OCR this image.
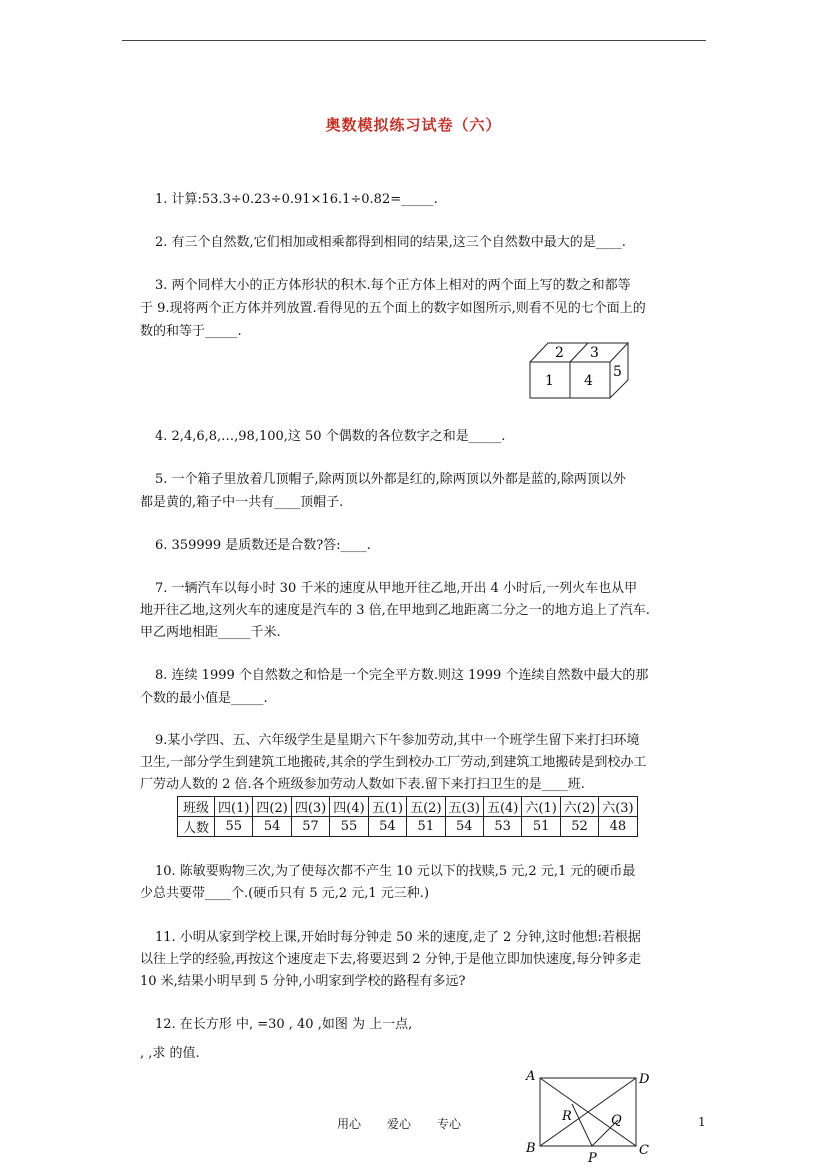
奥数模拟练习试卷（六）
1. 计算:53.3÷0.23÷0.91×16.1÷0.82=_____.
2. 有三个自然数,它们相加或相乘都得到相同的结果,这三个自然数中最大的是____.
3. 两个同样大小的正方体形状的积木.每个正方体上相对的两个面上写的数之和都等
于 9.现将两个正方体并列放置.看得见的五个面上的数字如图所示,则看不见的七个面上的
数的和等于_____.
2 3
1 4
5
4. 2,4,6,8,…,98,100,这 50 个偶数的各位数字之和是_____.
5. 一个箱子里放着几顶帽子,除两顶以外都是红的,除两顶以外都是蓝的,除两顶以外
都是黄的,箱子中一共有____顶帽子.
6. 359999 是质数还是合数?答:____.
7. 一辆汽车以每小时 30 千米的速度从甲地开往乙地,开出 4 小时后,一列火车也从甲
地开往乙地,这列火车的速度是汽车的 3 倍,在甲地到乙地距离二分之一的地方追上了汽车.
甲乙两地相距_____千米.
8. 连续 1999 个自然数之和恰是一个完全平方数.则这 1999 个连续自然数中最大的那
个数的最小值是_____.
9.某小学四、五、六年级学生是星期六下午参加劳动,其中一个班学生留下来打扫环境
卫生,一部分学生到建筑工地搬砖,其余的学生到校办工厂劳动,到建筑工地搬砖是到校办工
厂劳动人数的 2 倍.各个班级参加劳动人数如下表.留下来打扫卫生的是____班.
班级	四(1)	四(2)	四(3)	四(4)	五(1)	五(2)	五(3)	五(4)	六(1)	六(2)	六(3)
人数	55	54	57	55	54	51	54	53	51	52	48
10. 陈敏要购物三次,为了使每次都不产生 10 元以下的找赎,5 元,2 元,1 元的硬币最
少总共要带____个.(硬币只有 5 元,2 元,1 元三种.)
11. 小明从家到学校上课,开始时每分钟走 50 米的速度,走了 2 分钟,这时他想:若根据
以往上学的经验,再按这个速度走下去,将要迟到 2 分钟,于是他立即加快速度,每分钟多走
10 米,结果小明早到 5 分钟,小明家到学校的路程有多远?
12. 在长方形 中, =30 , 40 ,如图 为 上一点,
, ,求 的值.
A	D
B	C
R	Q
P
用心 爱心 专心	1
